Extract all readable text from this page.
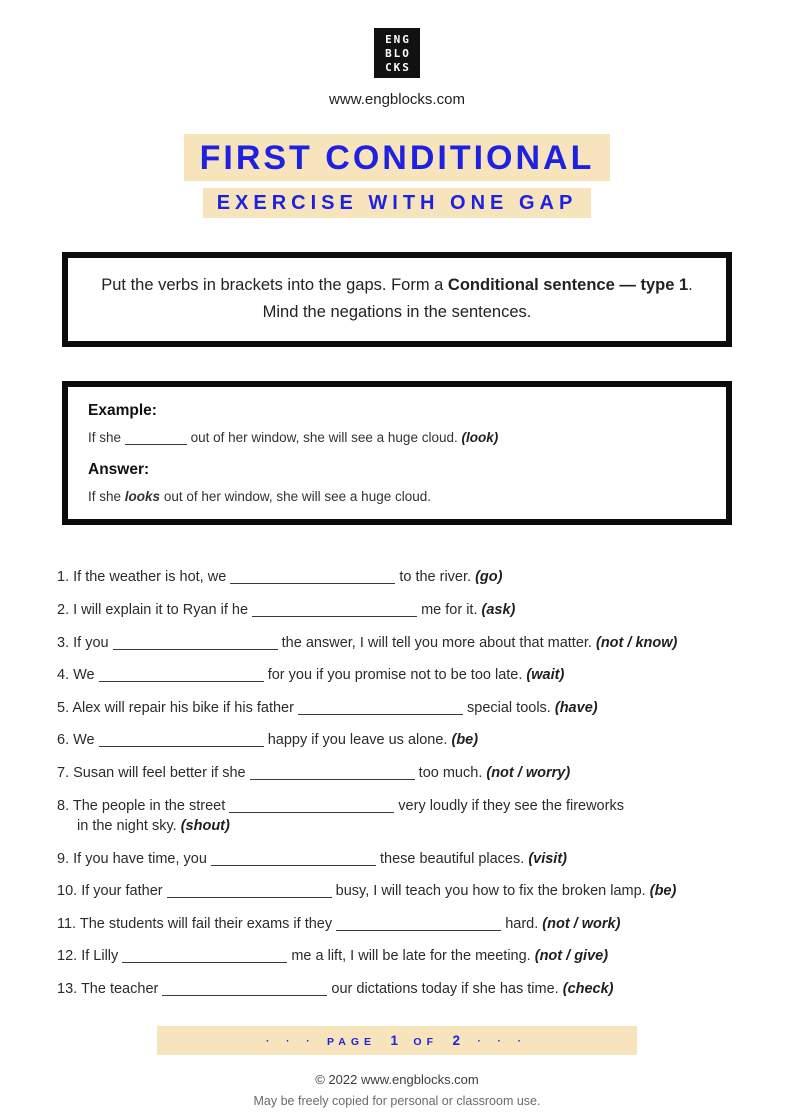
ENG
BLO
CKS
www.engblocks.com
FIRST CONDITIONAL
EXERCISE WITH ONE GAP
Put the verbs in brackets into the gaps. Form a Conditional sentence — type 1. Mind the negations in the sentences.
Example:
If she	out of her window, she will see a huge cloud. (look)
Answer:
If she looks out of her window, she will see a huge cloud.
1. If the weather is hot, we	to the river. (go)
2. I will explain it to Ryan if he	me for it. (ask)
3. If you	the answer, I will tell you more about that matter. (not / know)
4. We	for you if you promise not to be too late. (wait)
5. Alex will repair his bike if his father	special tools. (have)
6. We	happy if you leave us alone. (be)
7. Susan will feel better if she	too much. (not / worry)
8. The people in the street	very loudly if they see the fireworks
in the night sky. (shout)
9. If you have time, you	these beautiful places. (visit)
10. If your father	busy, I will teach you how to fix the broken lamp. (be)
11. The students will fail their exams if they	hard. (not / work)
12. If Lilly	me a lift, I will be late for the meeting. (not / give)
13. The teacher	our dictations today if she has time. (check)
· · · PAGE 1 OF 2 · · ·
© 2022 www.engblocks.com
May be freely copied for personal or classroom use.
